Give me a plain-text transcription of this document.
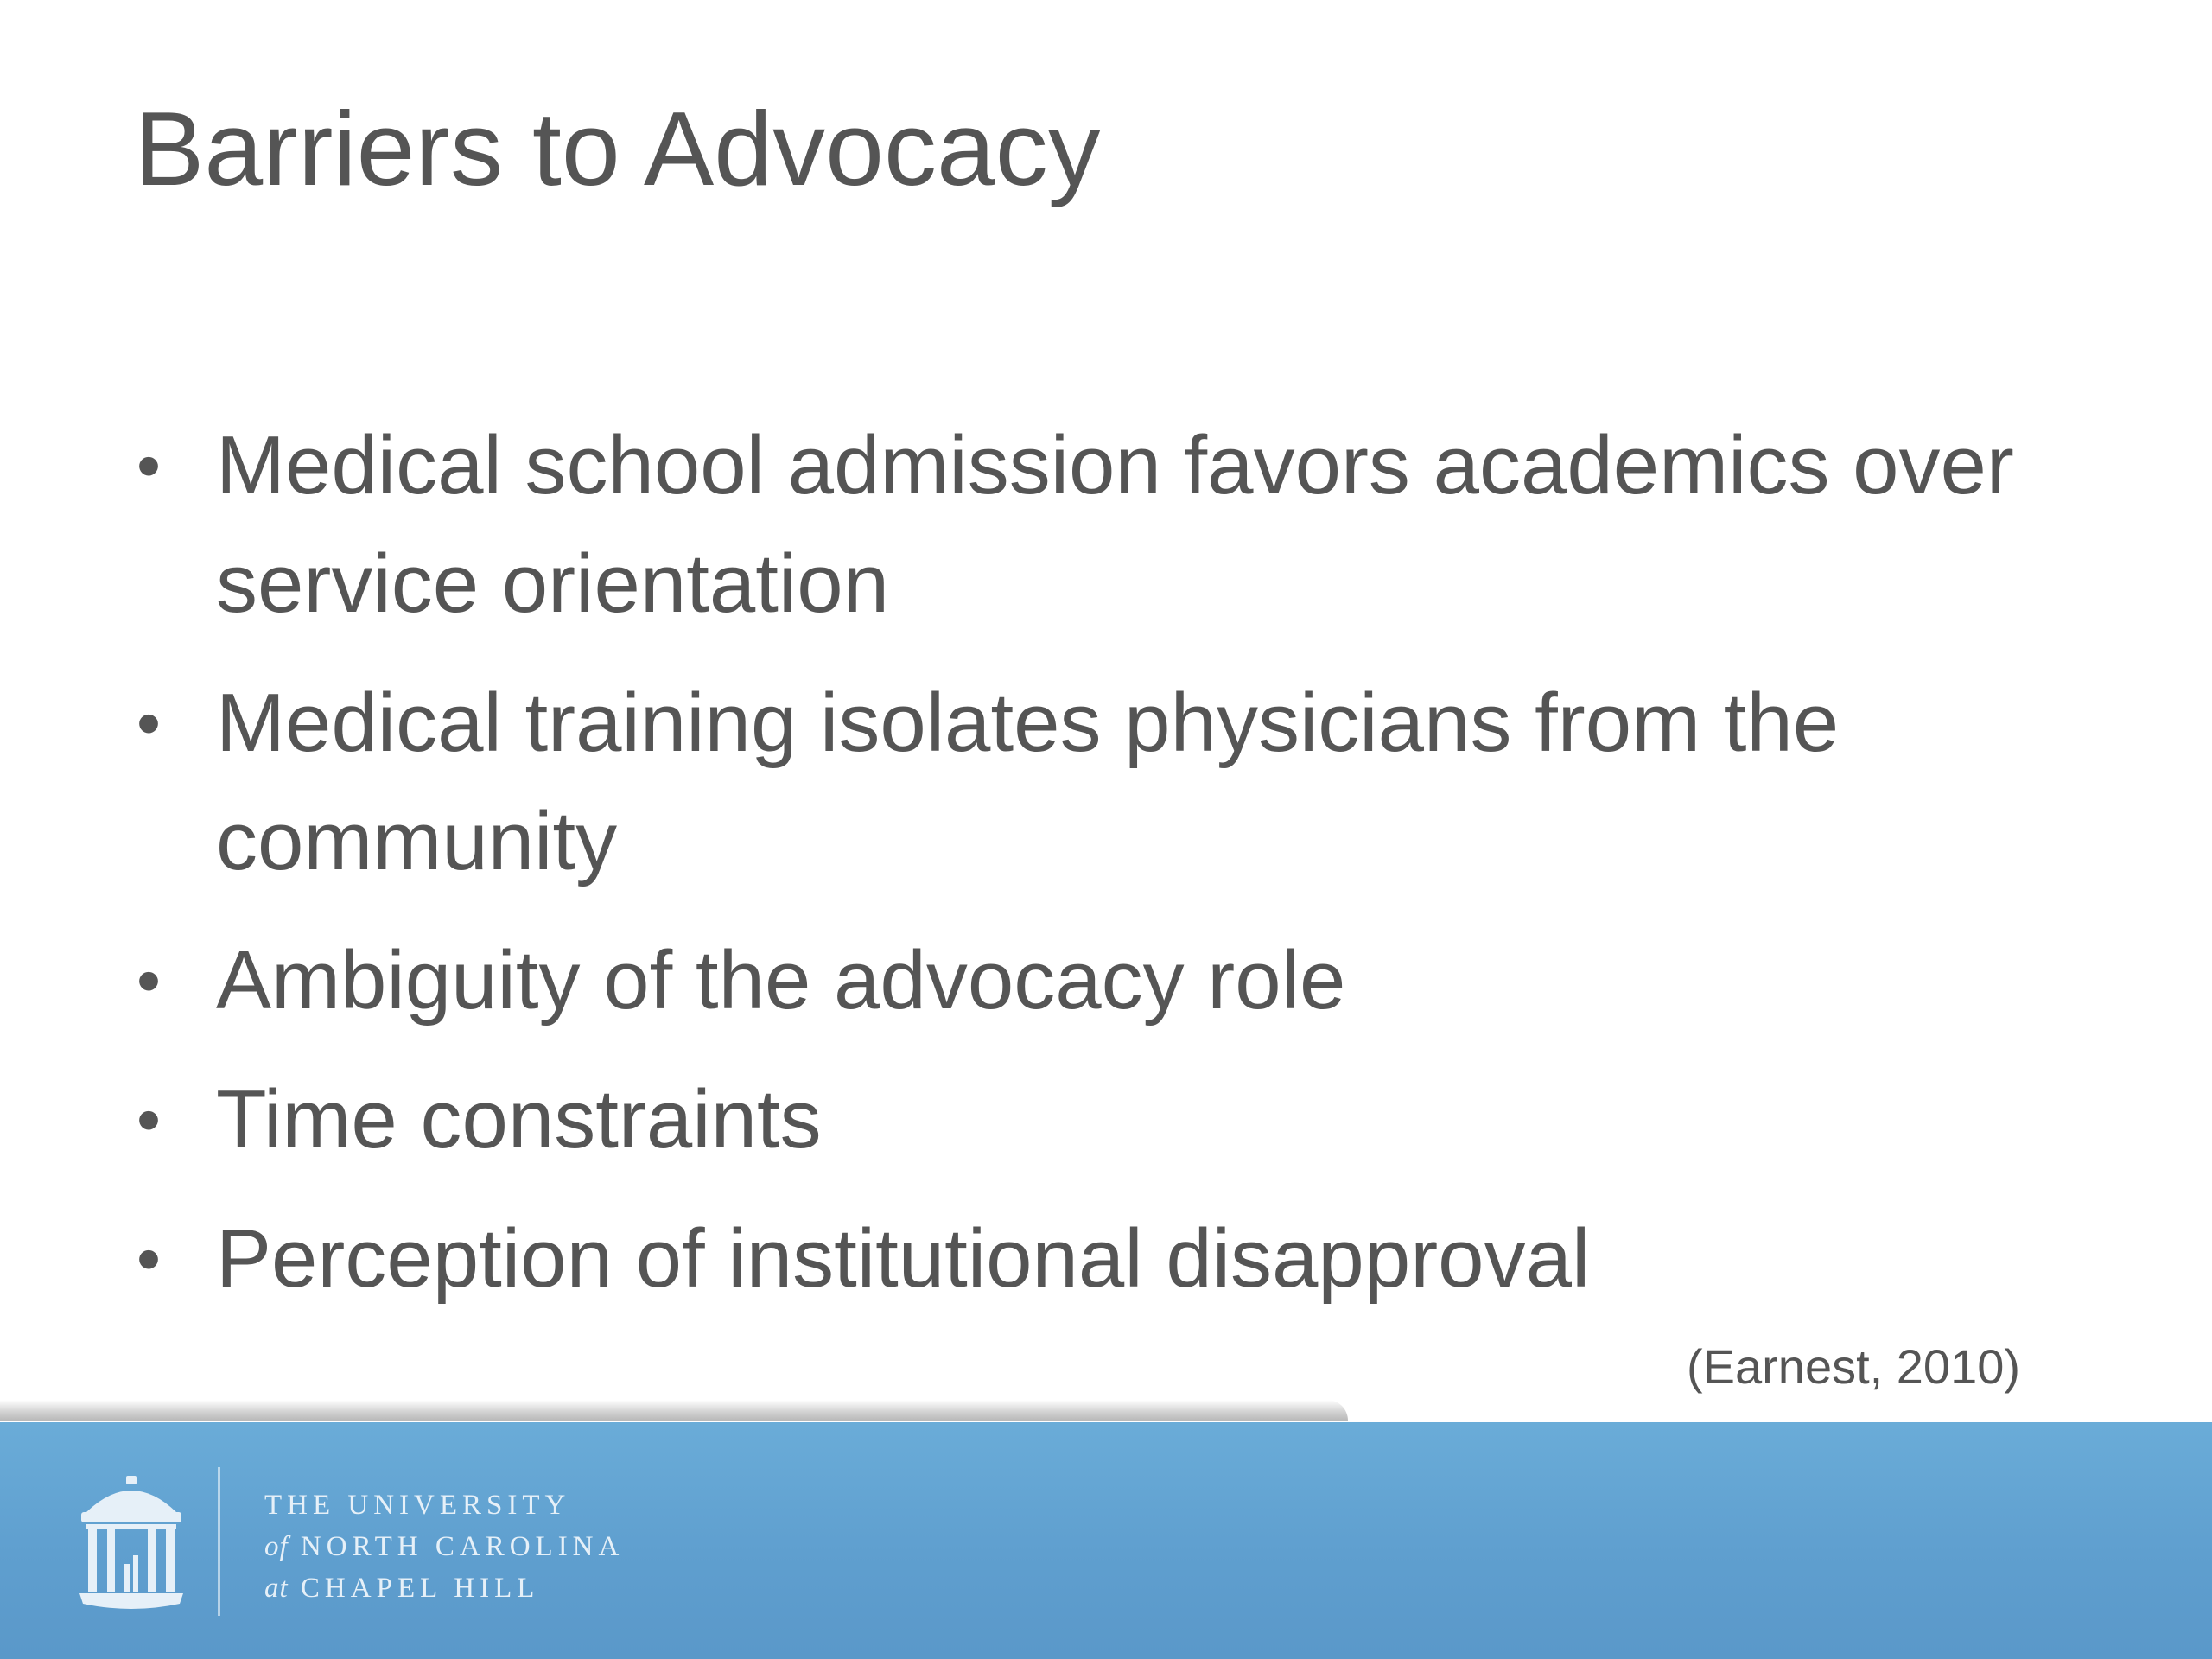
Barriers to Advocacy
• Medical school admission favors academics over service orientation
• Medical training isolates physicians from the community
• Ambiguity of the advocacy role
• Time constraints
• Perception of institutional disapproval
(Earnest, 2010)
THE UNIVERSITY
of NORTH CAROLINA
at CHAPEL HILL
